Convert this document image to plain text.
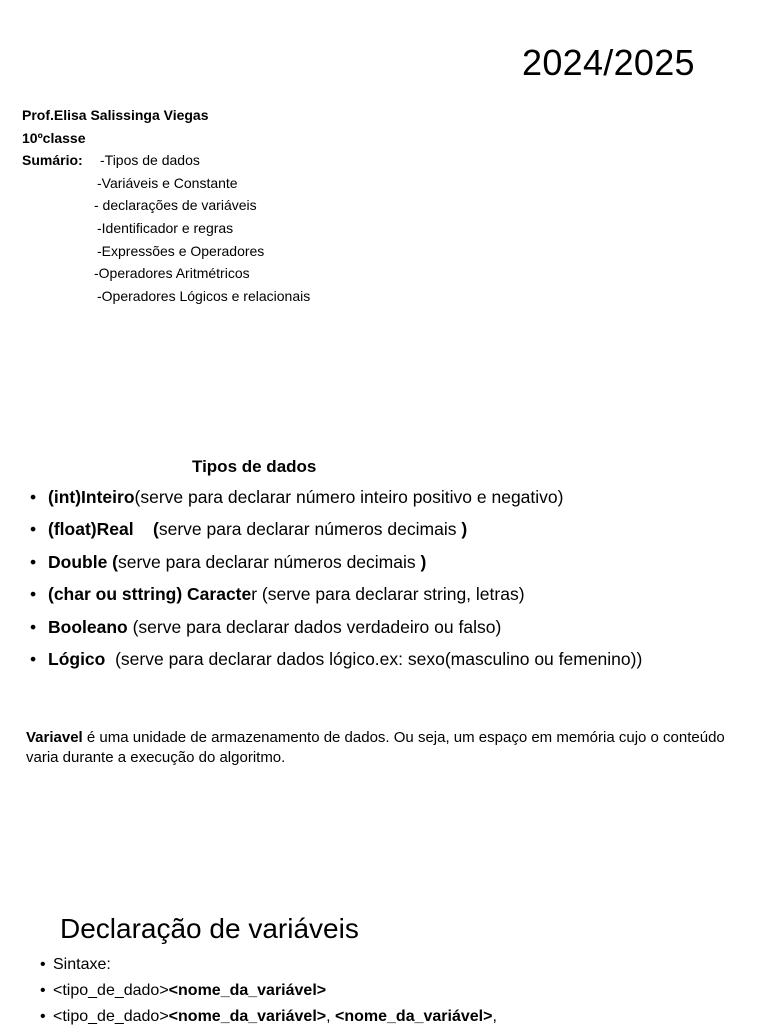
2024/2025
Prof.Elisa Salissinga Viegas
10ºclasse
Sumário: -Tipos de dados
-Variáveis e Constante
- declarações de variáveis
-Identificador e regras
-Expressões e Operadores
-Operadores Aritmétricos
-Operadores Lógicos e relacionais
Tipos de dados
• (int)Inteiro(serve para declarar número inteiro positivo e negativo)
• (float)Real    (serve para declarar números decimais )
• Double (serve para declarar números decimais )
• (char ou sttring) Caracter (serve para declarar string, letras)
• Booleano (serve para declarar dados verdadeiro ou falso)
• Lógico  (serve para declarar dados lógico.ex: sexo(masculino ou femenino))
Variavel é uma unidade de armazenamento de dados. Ou seja, um espaço em memória cujo o conteúdo varia durante a execução do algoritmo.
Declaração de variáveis
• Sintaxe:
• <tipo_de_dado><nome_da_variável>
• <tipo_de_dado><nome_da_variável>, <nome_da_variável>,
